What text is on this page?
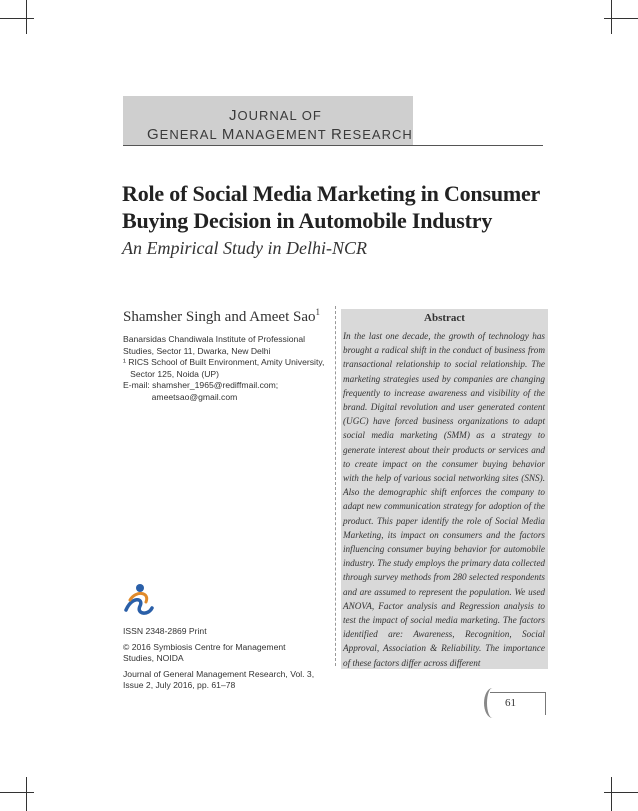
JOURNAL OF
GENERAL MANAGEMENT RESEARCH
Role of Social Media Marketing in Consumer
Buying Decision in Automobile Industry
An Empirical Study in Delhi-NCR
Shamsher Singh and Ameet Sao$^1$
Banarsidas Chandiwala Institute of Professional
Studies, Sector 11, Dwarka, New Delhi
¹ RICS School of Built Environment, Amity University,
Sector 125, Noida (UP)
E-mail: shamsher_1965@rediffmail.com;
ameetsao@gmail.com
Abstract
In the last one decade, the growth of technology has brought a radical shift in the conduct of business from transactional relationship to social relationship. The marketing strategies used by companies are changing frequently to increase awareness and visibility of the brand. Digital revolution and user generated content (UGC) have forced business organizations to adapt social media marketing (SMM) as a strategy to generate interest about their products or services and to create impact on the consumer buying behavior with the help of various social networking sites (SNS). Also the demographic shift enforces the company to adapt new communication strategy for adoption of the product. This paper identify the role of Social Media Marketing, its impact on consumers and the factors influencing consumer buying behavior for automobile industry. The study employs the primary data collected through survey methods from 280 selected respondents and are assumed to represent the population. We used ANOVA, Factor analysis and Regression analysis to test the impact of social media marketing. The factors identified are: Awareness, Recognition, Social Approval, Association & Reliability. The importance of these factors differ across different
ISSN 2348-2869 Print
© 2016 Symbiosis Centre for Management
Studies, NOIDA
Journal of General Management Research, Vol. 3,
Issue 2, July 2016, pp. 61–78
61
